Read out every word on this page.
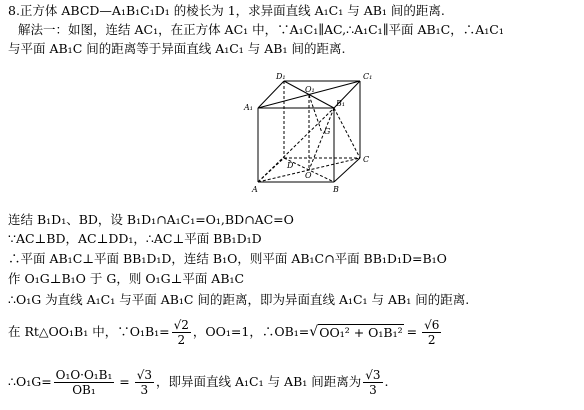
8.正方体 ABCD—A₁B₁C₁D₁ 的棱长为 1，求异面直线 A₁C₁ 与 AB₁ 间的距离.
解法一：如图，连结 AC₁，在正方体 AC₁ 中，∵A₁C₁∥AC,∴A₁C₁∥平面 AB₁C，∴A₁C₁
与平面 AB₁C 间的距离等于异面直线 A₁C₁ 与 AB₁ 间的距离.
D₁	C₁
A₁	B₁
O₁
G
D
C
O
A	B
连结 B₁D₁、BD，设 B₁D₁∩A₁C₁=O₁,BD∩AC=O
∵AC⊥BD，AC⊥DD₁，∴AC⊥平面 BB₁D₁D
∴平面 AB₁C⊥平面 BB₁D₁D，连结 B₁O，则平面 AB₁C∩平面 BB₁D₁D=B₁O
作 O₁G⊥B₁O 于 G，则 O₁G⊥平面 AB₁C
∴O₁G 为直线 A₁C₁ 与平面 AB₁C 间的距离，即为异面直线 A₁C₁ 与 AB₁ 间的距离.
在 Rt△OO₁B₁ 中，∵O₁B₁= $\frac{√2}{2}$ ，OO₁=1，∴OB₁= √ $OO_1^2 + O_1B_1^2 = \frac{√6}{2}$
∴O₁G= $\frac{\text{O₁O·O₁B₁}}{\text{OB₁}} = \frac{√3}{3}$ ，即异面直线 A₁C₁ 与 AB₁ 间距离为 $\frac{√3}{3}$ .
